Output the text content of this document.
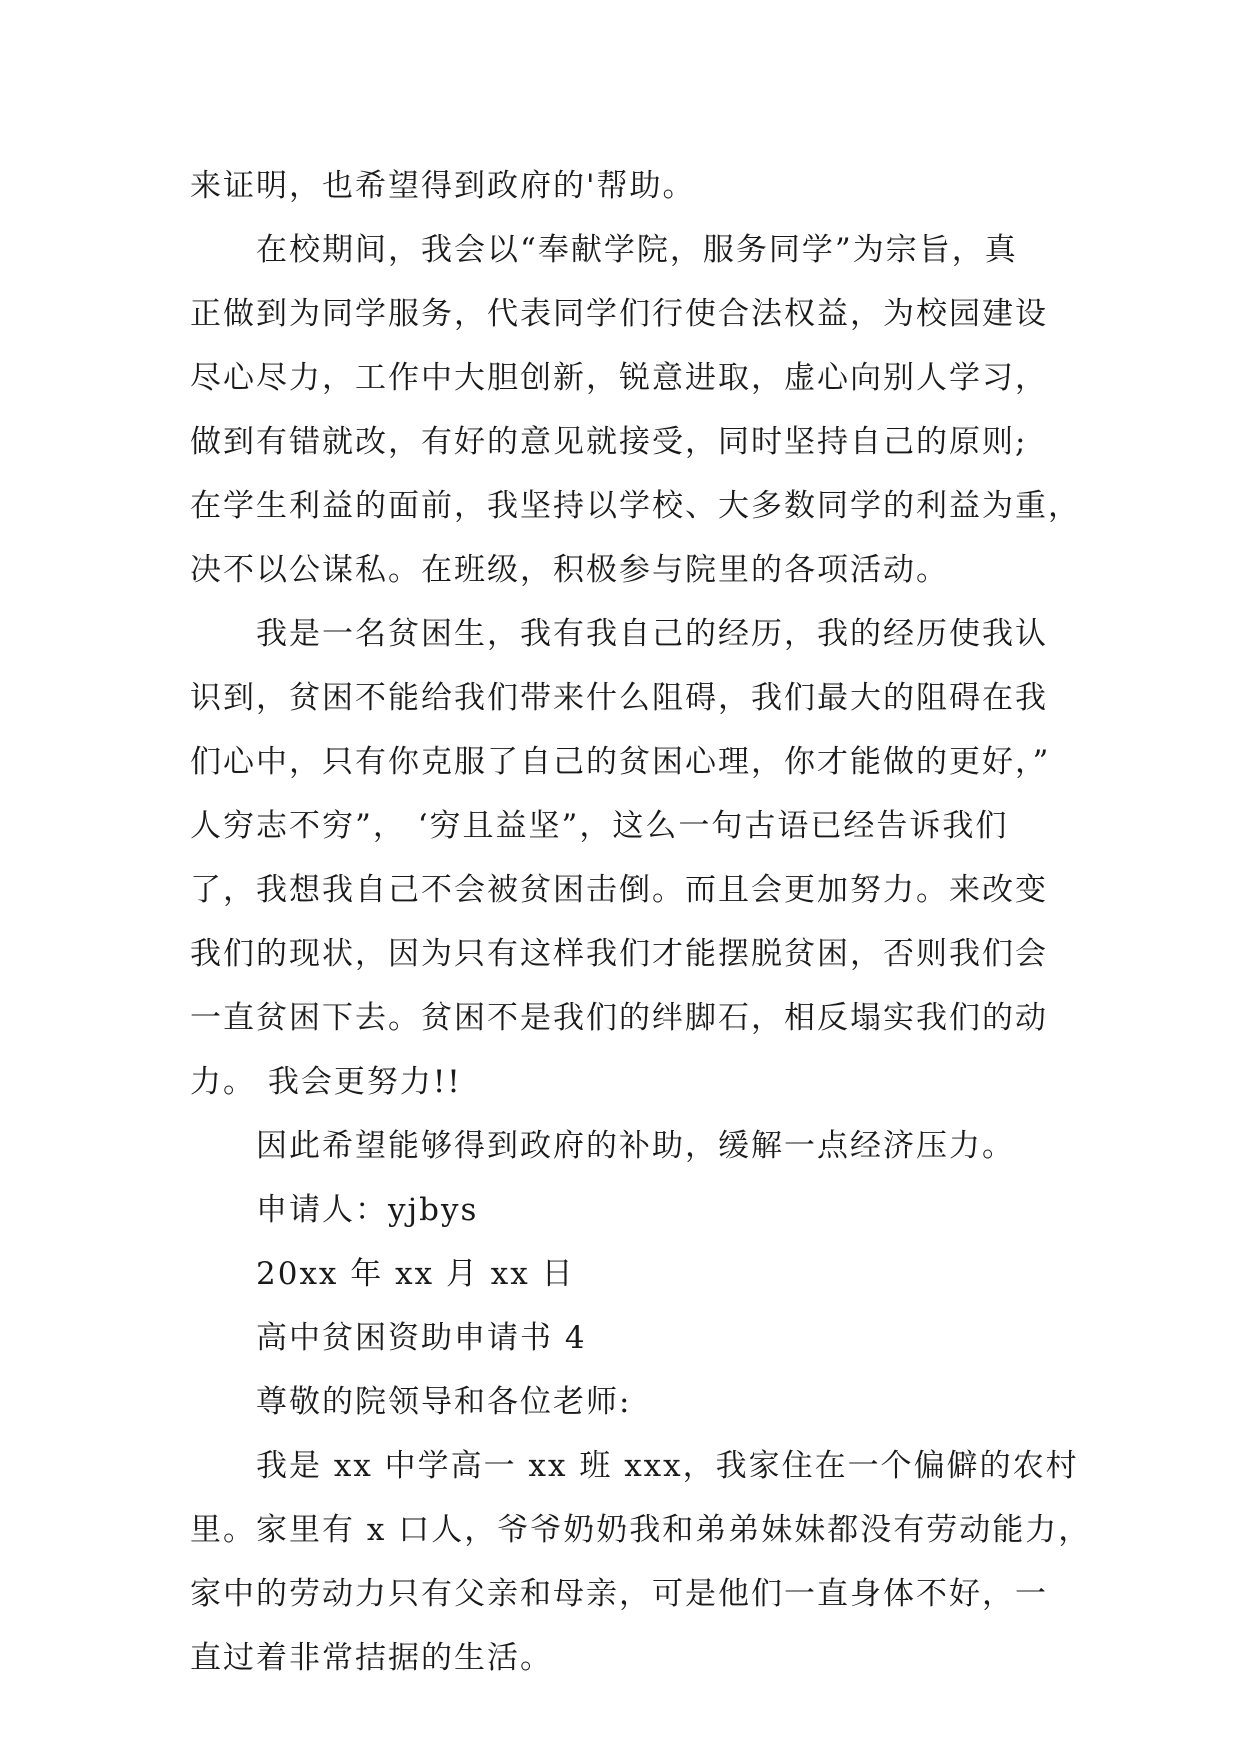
来证明，也希望得到政府的'帮助。
在校期间，我会以“奉献学院，服务同学”为宗旨，真
正做到为同学服务，代表同学们行使合法权益，为校园建设
尽心尽力，工作中大胆创新，锐意进取，虚心向别人学习，
做到有错就改，有好的意见就接受，同时坚持自己的原则;
在学生利益的面前，我坚持以学校、大多数同学的利益为重，
决不以公谋私。在班级，积极参与院里的各项活动。
我是一名贫困生，我有我自己的经历，我的经历使我认
识到，贫困不能给我们带来什么阻碍，我们最大的阻碍在我
们心中，只有你克服了自己的贫困心理，你才能做的更好，”
人穷志不穷”， ‘穷且益坚”，这么一句古语已经告诉我们
了，我想我自己不会被贫困击倒。而且会更加努力。来改变
我们的现状，因为只有这样我们才能摆脱贫困，否则我们会
一直贫困下去。贫困不是我们的绊脚石，相反塌实我们的动
力。 我会更努力!!
因此希望能够得到政府的补助，缓解一点经济压力。
申请人：yjbys
20xx 年 xx 月 xx 日
高中贫困资助申请书 4
尊敬的院领导和各位老师:
我是 xx 中学高一 xx 班 xxx，我家住在一个偏僻的农村
里。家里有 x 口人，爷爷奶奶我和弟弟妹妹都没有劳动能力，
家中的劳动力只有父亲和母亲，可是他们一直身体不好，一
直过着非常拮据的生活。
